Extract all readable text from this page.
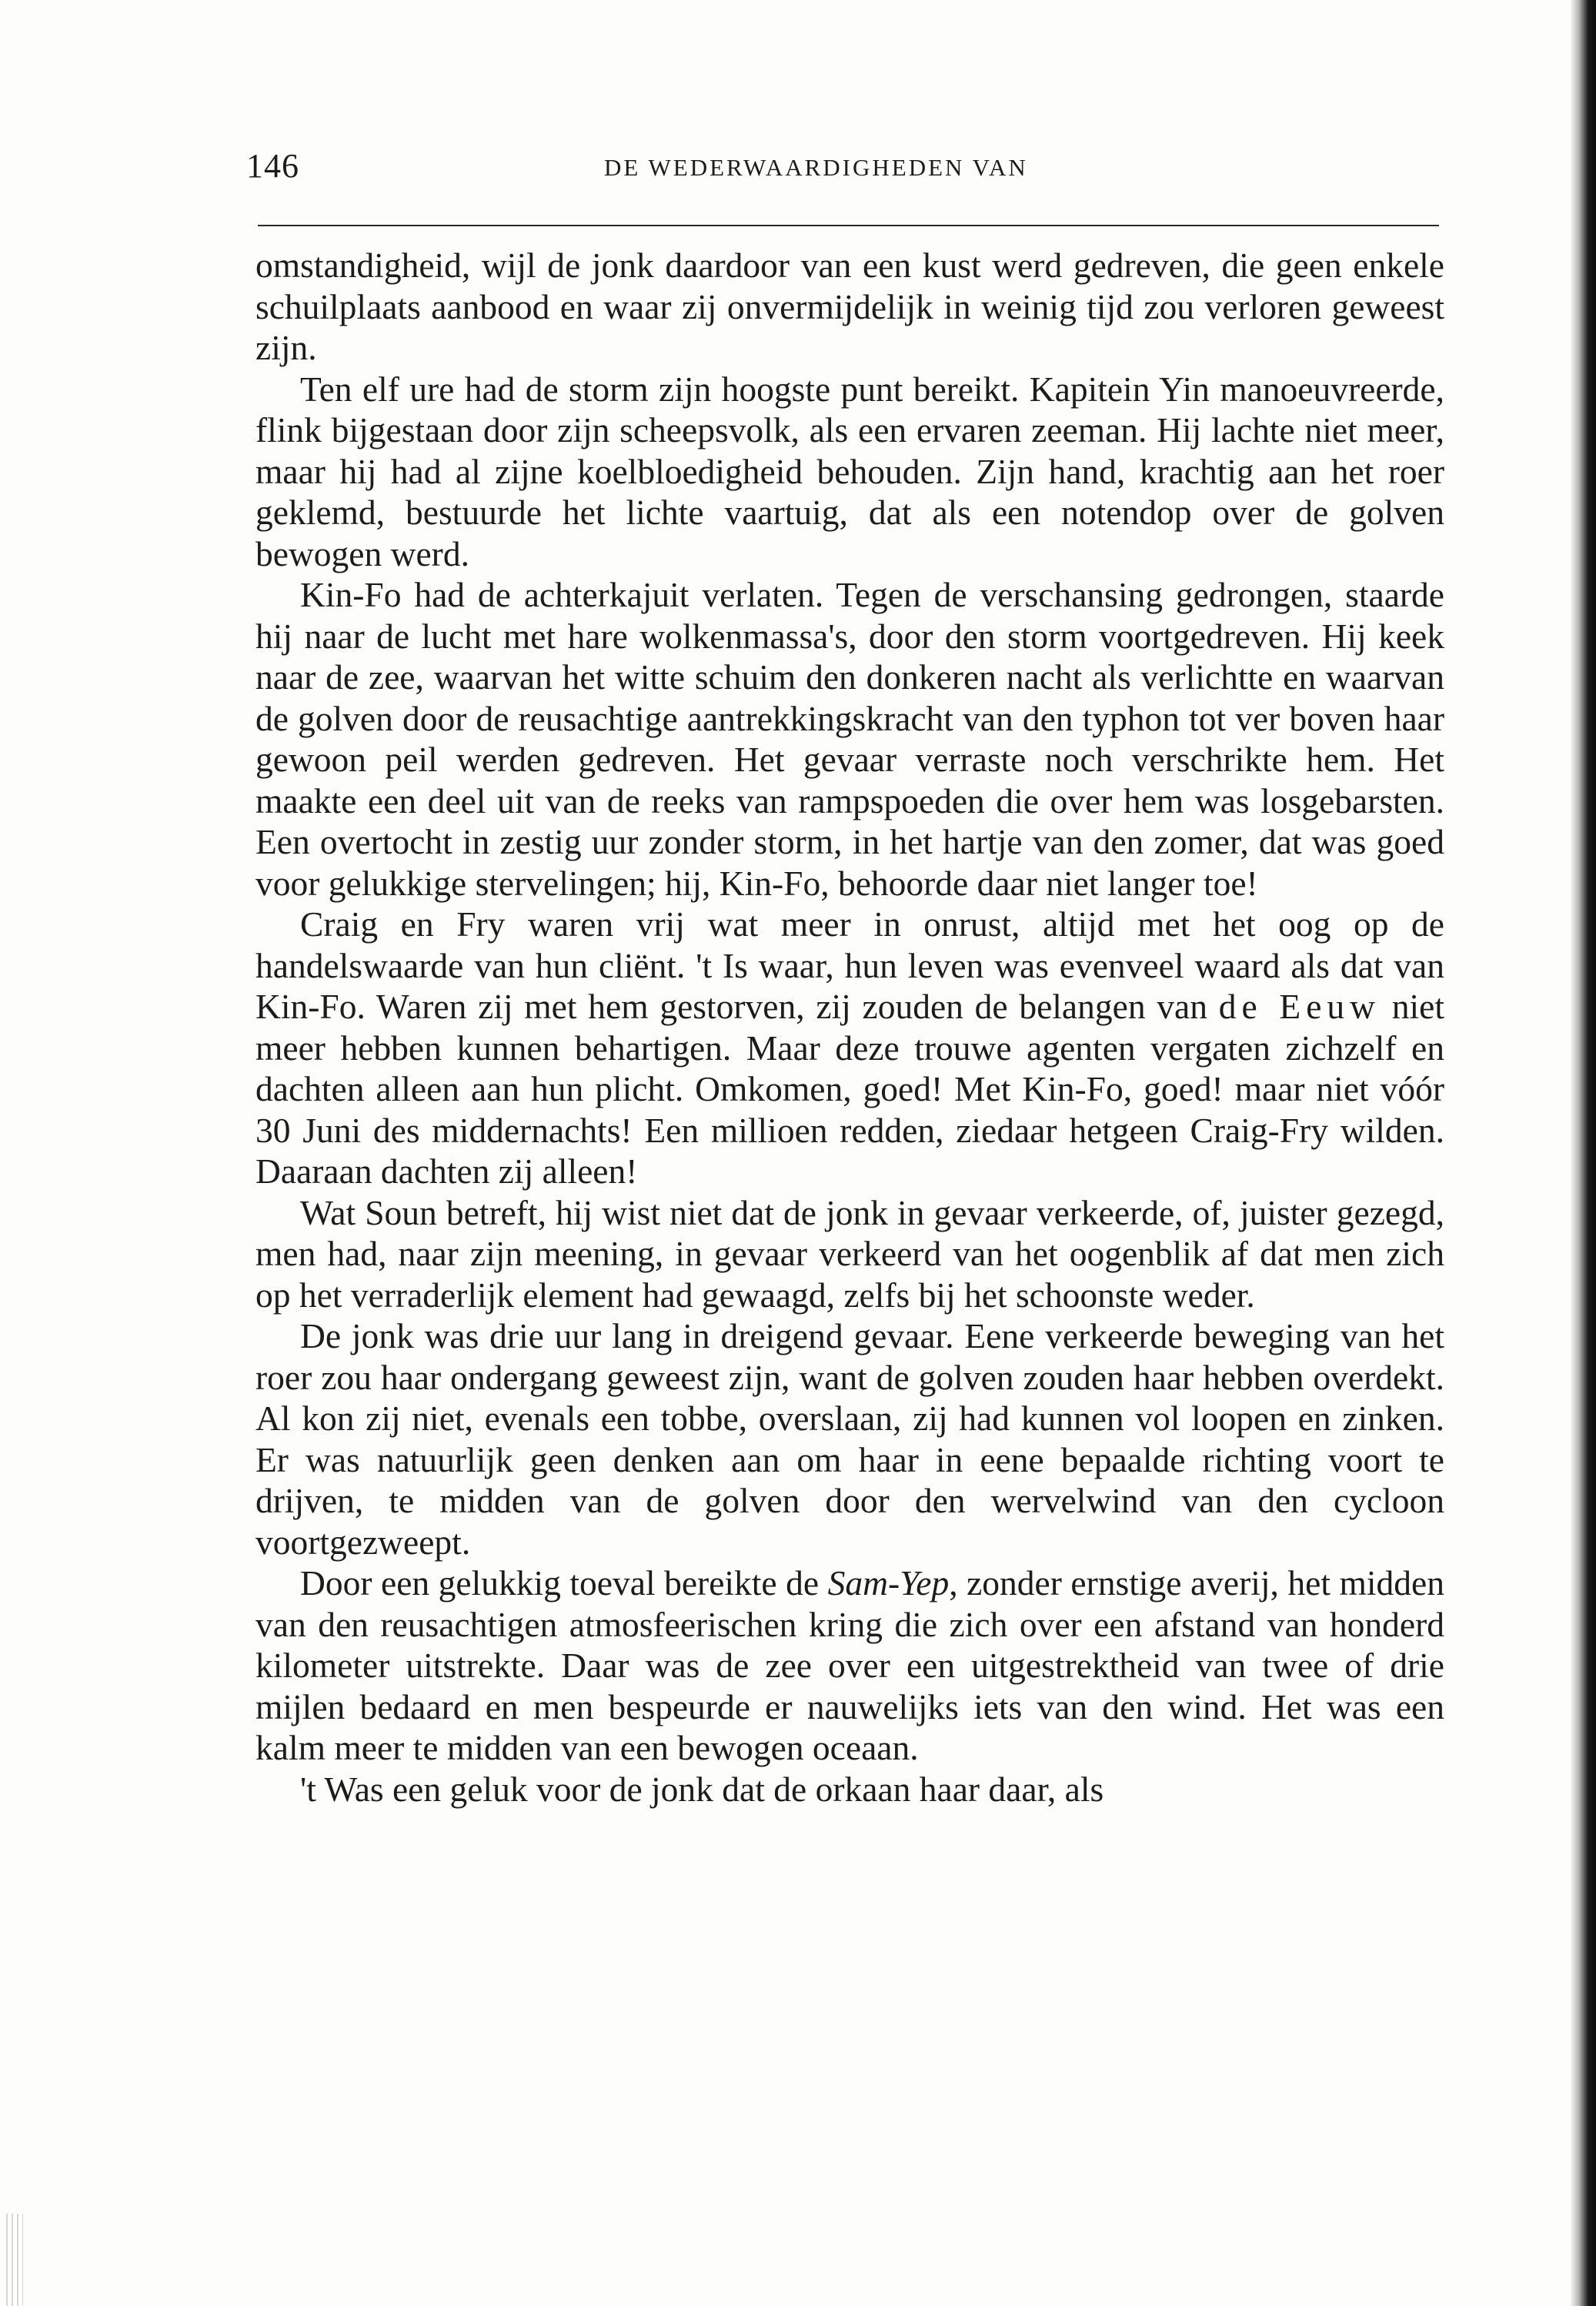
146	DE WEDERWAARDIGHEDEN VAN

omstandigheid, wijl de jonk daardoor van een kust werd gedreven, die geen enkele schuilplaats aanbood en waar zij onvermijdelijk in weinig tijd zou verloren geweest zijn.

Ten elf ure had de storm zijn hoogste punt bereikt. Kapitein Yin manoeuvreerde, flink bijgestaan door zijn scheepsvolk, als een ervaren zeeman. Hij lachte niet meer, maar hij had al zijne koelbloedigheid behouden. Zijn hand, krachtig aan het roer geklemd, bestuurde het lichte vaartuig, dat als een notendop over de golven bewogen werd.

Kin-Fo had de achterkajuit verlaten. Tegen de verschansing gedrongen, staarde hij naar de lucht met hare wolkenmassa's, door den storm voortgedreven. Hij keek naar de zee, waarvan het witte schuim den donkeren nacht als verlichtte en waarvan de golven door de reusachtige aantrekkingskracht van den typhon tot ver boven haar gewoon peil werden gedreven. Het gevaar verraste noch verschrikte hem. Het maakte een deel uit van de reeks van rampspoeden die over hem was losgebarsten. Een overtocht in zestig uur zonder storm, in het hartje van den zomer, dat was goed voor gelukkige stervelingen; hij, Kin-Fo, behoorde daar niet langer toe!

Craig en Fry waren vrij wat meer in onrust, altijd met het oog op de handelswaarde van hun cliënt. 't Is waar, hun leven was evenveel waard als dat van Kin-Fo. Waren zij met hem gestorven, zij zouden de belangen van de Eeuw niet meer hebben kunnen behartigen. Maar deze trouwe agenten vergaten zichzelf en dachten alleen aan hun plicht. Omkomen, goed! Met Kin-Fo, goed! maar niet vóór 30 Juni des middernachts! Een millioen redden, ziedaar hetgeen Craig-Fry wilden. Daaraan dachten zij alleen!

Wat Soun betreft, hij wist niet dat de jonk in gevaar verkeerde, of, juister gezegd, men had, naar zijn meening, in gevaar verkeerd van het oogenblik af dat men zich op het verraderlijk element had gewaagd, zelfs bij het schoonste weder.

De jonk was drie uur lang in dreigend gevaar. Eene verkeerde beweging van het roer zou haar ondergang geweest zijn, want de golven zouden haar hebben overdekt. Al kon zij niet, evenals een tobbe, overslaan, zij had kunnen vol loopen en zinken. Er was natuurlijk geen denken aan om haar in eene bepaalde richting voort te drijven, te midden van de golven door den wervelwind van den cycloon voortgezweept.

Door een gelukkig toeval bereikte de Sam-Yep, zonder ernstige averij, het midden van den reusachtigen atmosfeerischen kring die zich over een afstand van honderd kilometer uitstrekte. Daar was de zee over een uitgestrektheid van twee of drie mijlen bedaard en men bespeurde er nauwelijks iets van den wind. Het was een kalm meer te midden van een bewogen oceaan.

't Was een geluk voor de jonk dat de orkaan haar daar, als
